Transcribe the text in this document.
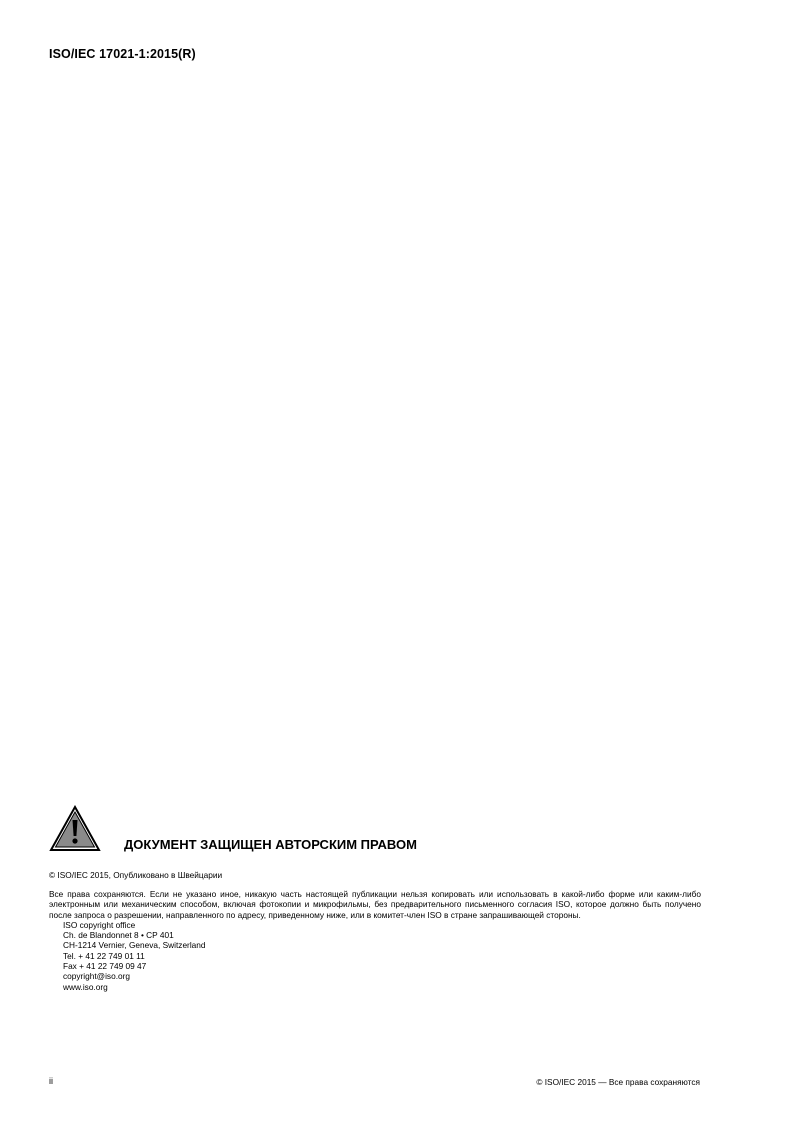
ISO/IEC 17021-1:2015(R)
ДОКУМЕНТ ЗАЩИЩЕН АВТОРСКИМ ПРАВОМ
© ISO/IEC 2015, Опубликовано в Швейцарии
Все права сохраняются. Если не указано иное, никакую часть настоящей публикации нельзя копировать или использовать в какой-либо форме или каким-либо электронным или механическим способом, включая фотокопии и микрофильмы, без предварительного письменного согласия ISO, которое должно быть получено после запроса о разрешении, направленного по адресу, приведенному ниже, или в комитет-член ISO в стране запрашивающей стороны.
ISO copyright office
Ch. de Blandonnet 8 • CP 401
CH-1214 Vernier, Geneva, Switzerland
Tel. + 41 22 749 01 11
Fax + 41 22 749 09 47
copyright@iso.org
www.iso.org
ii	© ISO/IEC 2015 — Все права сохраняются
